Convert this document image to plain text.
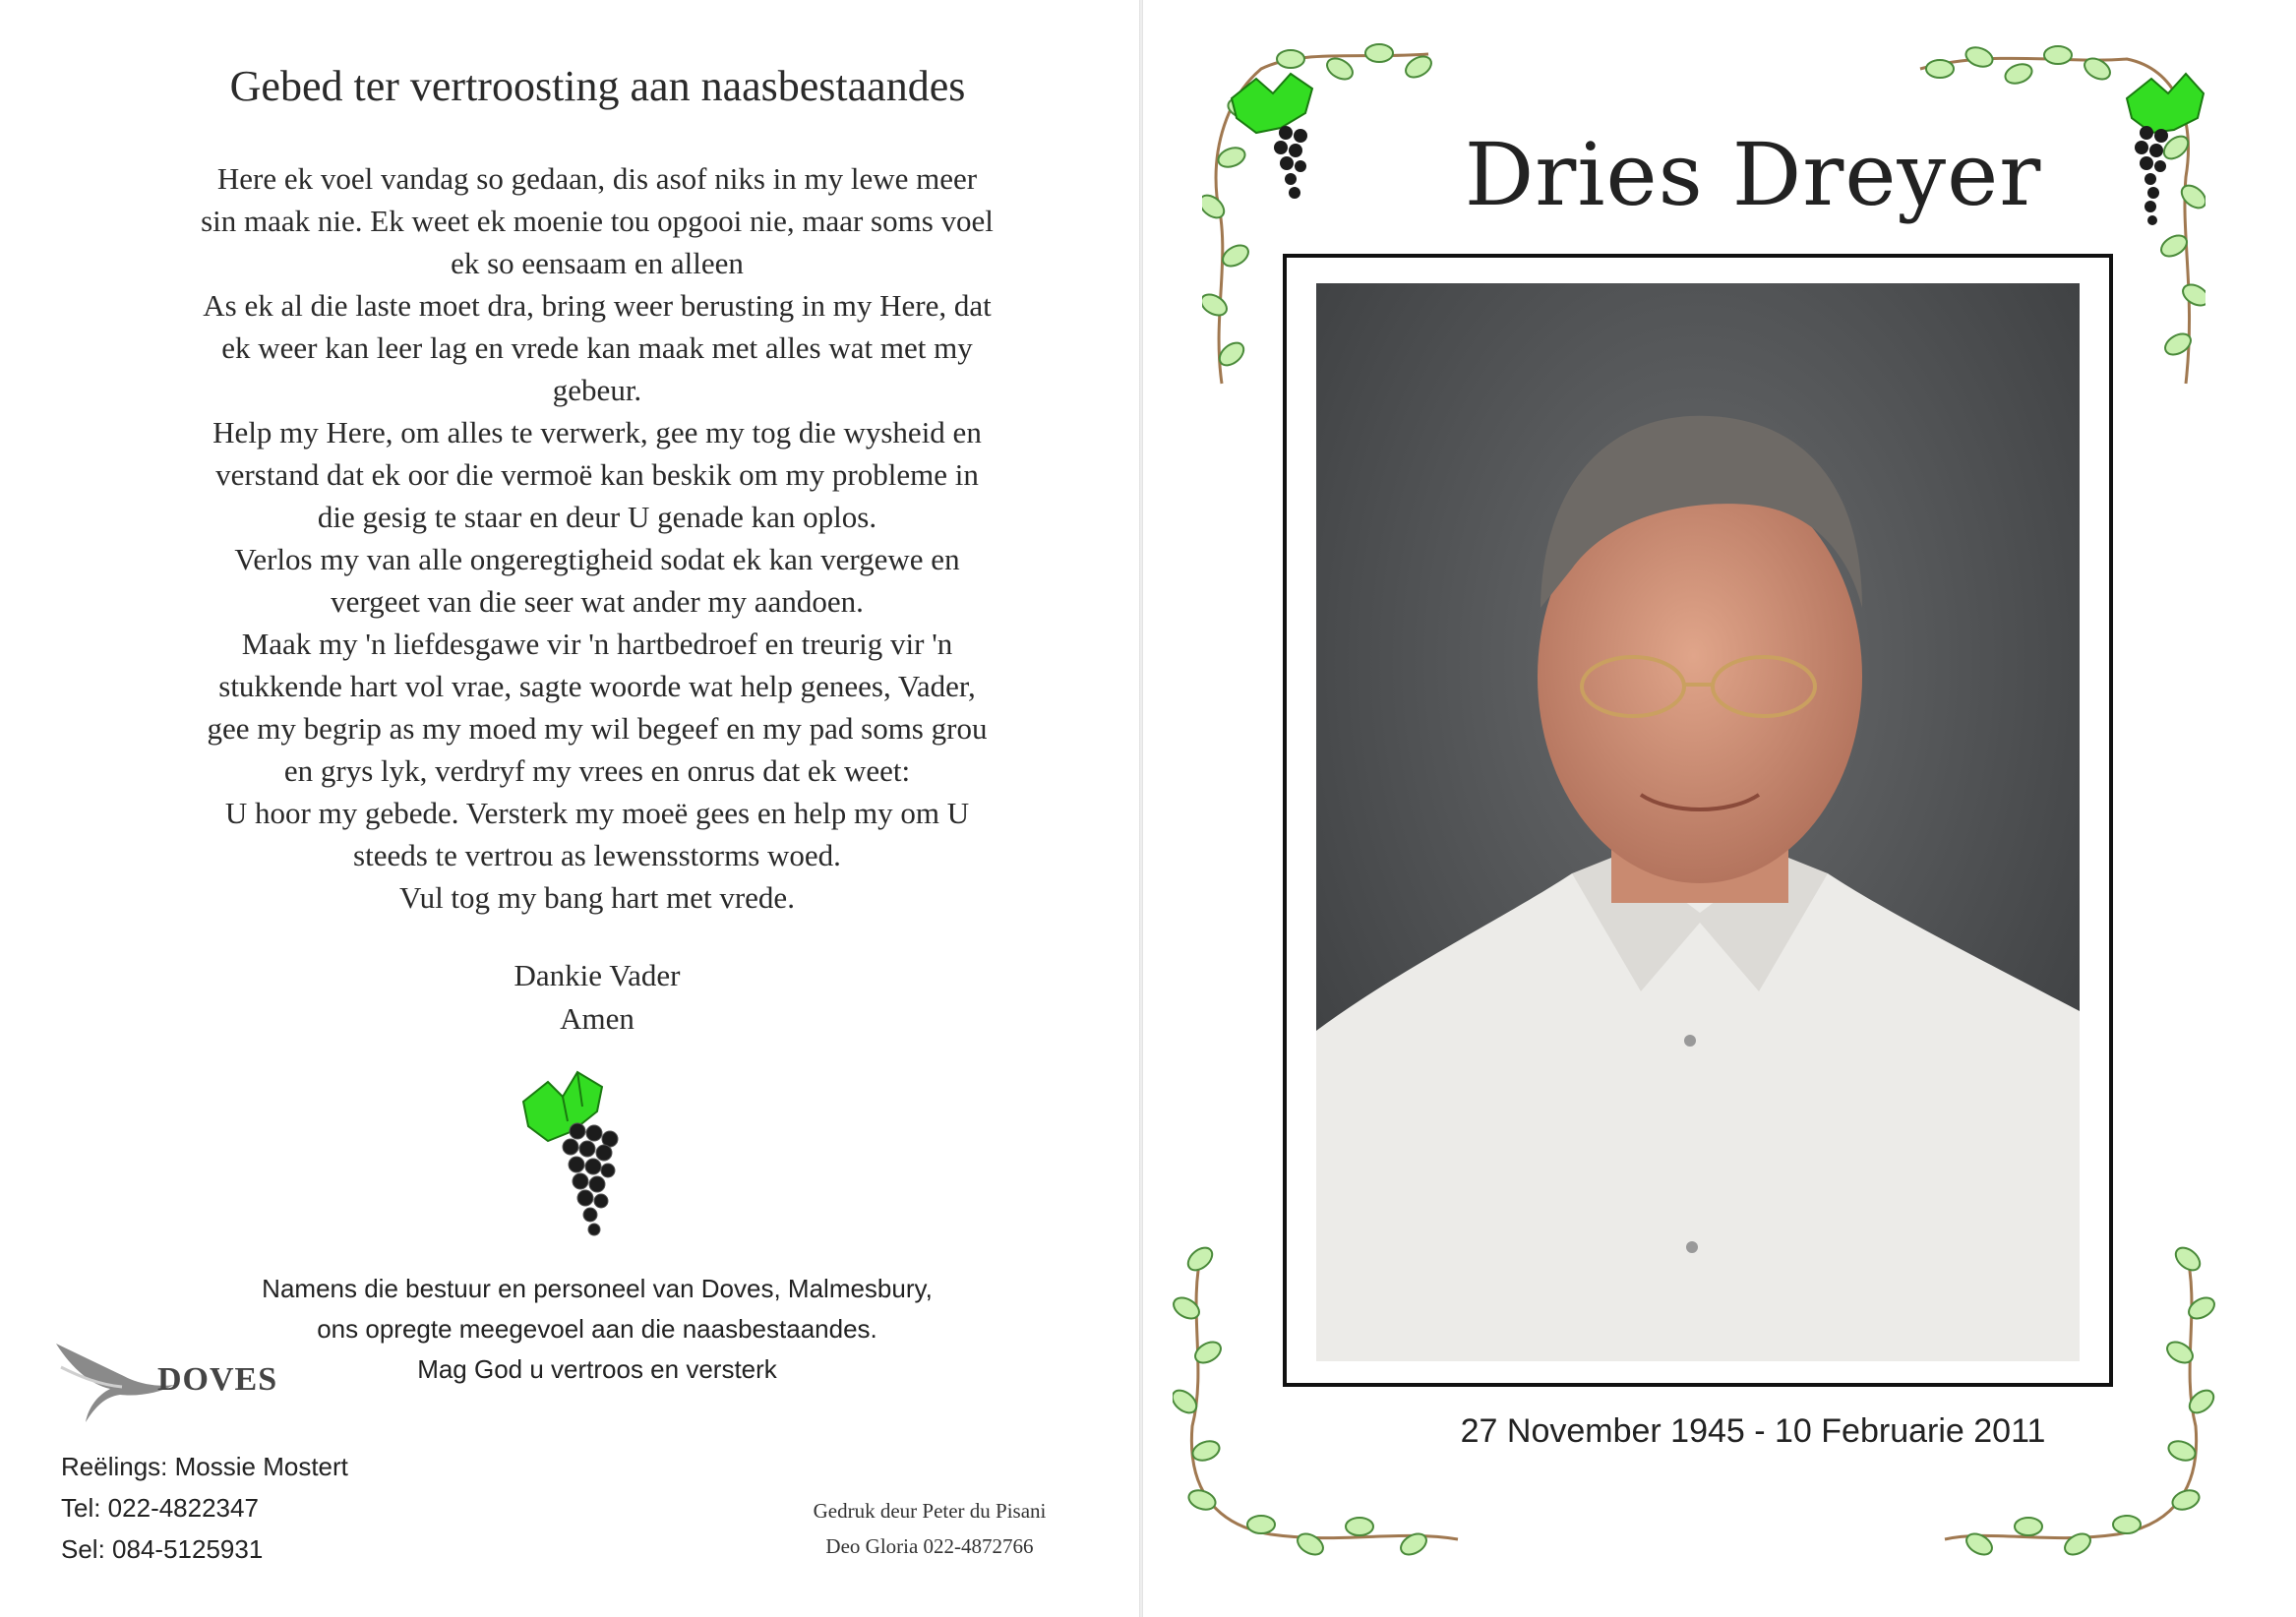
Gebed ter vertroosting aan naasbestaandes

Here ek voel vandag so gedaan, dis asof niks in my lewe meer

sin maak nie. Ek weet ek moenie tou opgooi nie, maar soms voel

ek so eensaam en alleen

As ek al die laste moet dra, bring weer berusting in my Here, dat

ek weer kan leer lag en vrede kan maak met alles wat met my

gebeur.

Help my Here, om alles te verwerk, gee my tog die wysheid en

verstand dat ek oor die vermoë kan beskik om my probleme in

die gesig te staar en deur U genade kan oplos.

Verlos my van alle ongeregtigheid sodat ek kan vergewe en

vergeet van die seer wat ander my aandoen.

Maak my 'n liefdesgawe vir 'n hartbedroef en treurig vir 'n

stukkende hart vol vrae, sagte woorde wat help genees, Vader,

gee my begrip as my moed my wil begeef en my pad soms grou

en grys lyk, verdryf my vrees en onrus dat ek weet:

U hoor my gebede. Versterk my moeë gees en help my om U

steeds te vertrou as lewensstorms woed.

Vul tog my bang hart met vrede.

Dankie Vader

Amen

Namens die bestuur en personeel van Doves, Malmesbury,

ons opregte meegevoel aan die naasbestaandes.

Mag God u vertroos en versterk

DOVES

Reëlings: Mossie Mostert

Tel: 022-4822347

Sel: 084-5125931

Gedruk deur Peter du Pisani

Deo Gloria 022-4872766

Dries Dreyer
27 November 1945 - 10 Februarie 2011
